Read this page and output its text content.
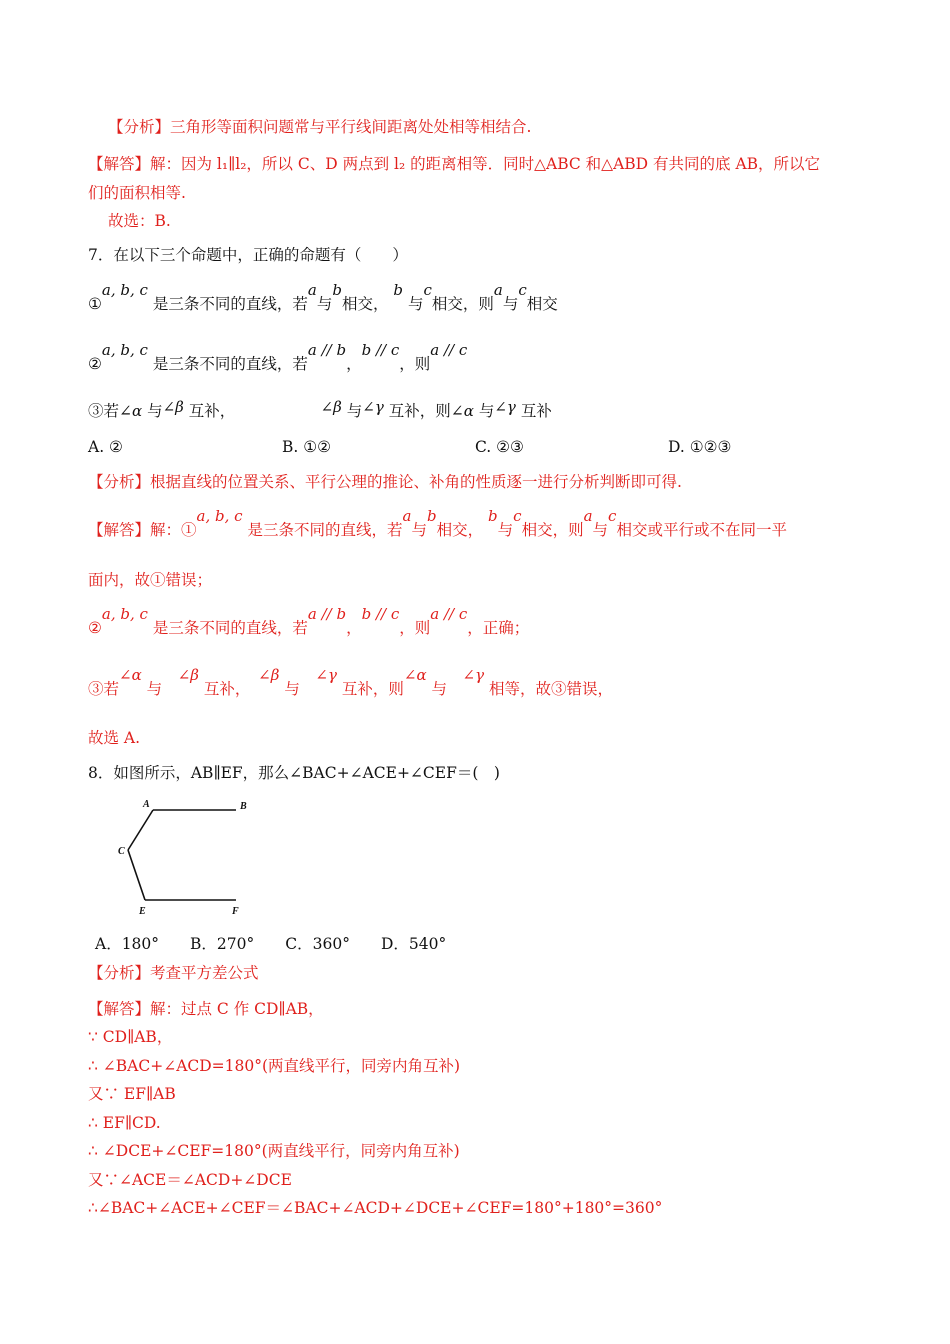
【分析】三角形等面积问题常与平行线间距离处处相等相结合.
【解答】解：因为 l₁∥l₂，所以 C、D 两点到 l₂ 的距离相等．同时△ABC 和△ABD 有共同的底 AB，所以它
们的面积相等.
故选：B.
7．在以下三个命题中，正确的命题有（　　）
①a, b, c 是三条不同的直线，若a与b相交， b 与c相交，则a与c相交
②a, b, c 是三条不同的直线，若a // b，b // c，则a // c
③若∠α 与∠β 互补，　　　　　　	∠β 与∠γ 互补，则∠α 与∠γ 互补
A. ②	B. ①②	C. ②③	D. ①②③
【分析】根据直线的位置关系、平行公理的推论、补角的性质逐一进行分析判断即可得.
【解答】解：①a, b, c 是三条不同的直线，若a与b相交， b与c相交，则a与c相交或平行或不在同一平
面内，故①错误；
②a, b, c 是三条不同的直线，若a // b，b // c，则a // c，正确；
③若∠α 与　∠β 互补，　∠β 与　∠γ 互补，则∠α 与　∠γ 相等，故③错误，
故选 A.
8．如图所示，AB∥EF，那么∠BAC+∠ACE+∠CEF＝(　)
A	B
C
E	F
A．180°　　B．270°　　C．360°　　D．540°
【分析】考查平方差公式
【解答】解：过点 C 作 CD∥AB，
∵ CD∥AB，
∴ ∠BAC+∠ACD=180°(两直线平行，同旁内角互补)
又∵ EF∥AB
∴ EF∥CD.
∴ ∠DCE+∠CEF=180°(两直线平行，同旁内角互补)
又∵∠ACE＝∠ACD+∠DCE
∴∠BAC+∠ACE+∠CEF＝∠BAC+∠ACD+∠DCE+∠CEF=180°+180°=360°
